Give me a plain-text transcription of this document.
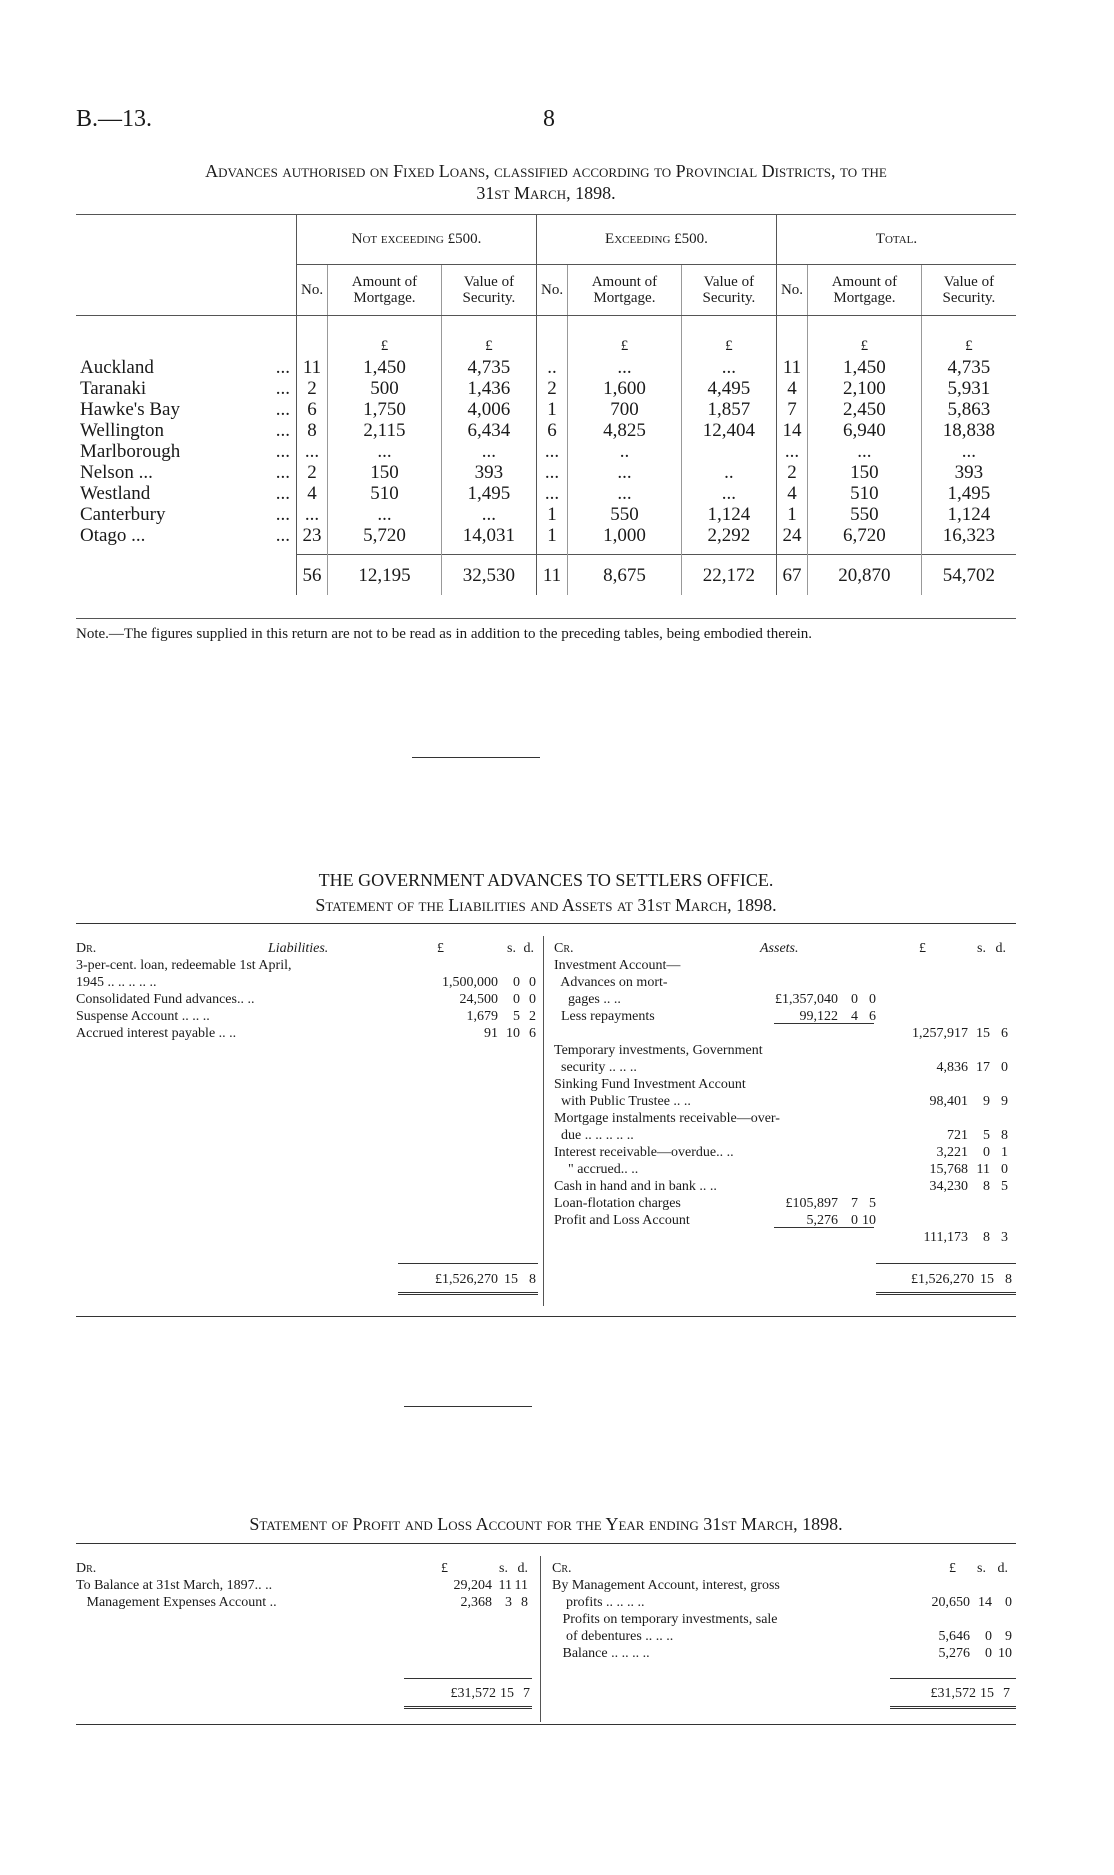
B.—13.	8
Advances authorised on Fixed Loans, classified according to Provincial Districts, to the
31st March, 1898.
		Not exceeding £500.			Exceeding £500.			Total.		
		No.	Amount of Mortgage.	Value of Security.	No.	Amount of Mortgage.	Value of Security.	No.	Amount of Mortgage.	Value of Security.
			£	£		£	£		£	£
Auckland	...	11	1,450	4,735	..	...	...	11	1,450	4,735
Taranaki	...	2	500	1,436	2	1,600	4,495	4	2,100	5,931
Hawke's Bay	...	6	1,750	4,006	1	700	1,857	7	2,450	5,863
Wellington	...	8	2,115	6,434	6	4,825	12,404	14	6,940	18,838
Marlborough	...	...	...	...	...	..		...	...	...
Nelson ...	...	2	150	393	...	...	..	2	150	393
Westland	...	4	510	1,495	...	...	...	4	510	1,495
Canterbury	...	...	...	...	1	550	1,124	1	550	1,124
Otago ...	...	23	5,720	14,031	1	1,000	2,292	24	6,720	16,323
		56	12,195	32,530	11	8,675	22,172	67	20,870	54,702
Note.—The figures supplied in this return are not to be read as in addition to the preceding tables, being embodied therein.
THE GOVERNMENT ADVANCES TO SETTLERS OFFICE.
Statement of the Liabilities and Assets at 31st March, 1898.
Dr.	Liabilities.	£	s. d.
3-per-cent. loan, redeemable 1st April,
1945 .. .. .. .. ..	1,500,000 0 0
Consolidated Fund advances.. ..	24,500 0 0
Suspense Account .. .. ..	1,679 5 2
Accrued interest payable .. ..	91 10 6
Cr.	Assets.	£	s. d.
Investment Account—
Advances on mort-
gages .. ..	£1,357,040 0 0
Less repayments	99,122 4 6
1,257,917 15 6
Temporary investments, Government
security .. .. ..	4,836 17 0
Sinking Fund Investment Account
with Public Trustee .. ..	98,401 9 9
Mortgage instalments receivable—over-
due .. .. .. .. ..	721 5 8
Interest receivable—overdue.. ..	3,221 0 1
" accrued.. ..	15,768 11 0
Cash in hand and in bank .. ..	34,230 8 5
Loan-flotation charges	£105,897 7 5
Profit and Loss Account	5,276 0 10
111,173 8 3
£1,526,270 15 8	£1,526,270 15 8
Statement of Profit and Loss Account for the Year ending 31st March, 1898.
Dr.	£	s. d.
To Balance at 31st March, 1897.. ..	29,204 11 11
Management Expenses Account ..	2,368 3 8
Cr.	£ s. d.
By Management Account, interest, gross
profits .. .. .. ..	20,650 14 0
Profits on temporary investments, sale
of debentures .. .. ..	5,646 0 9
Balance .. .. .. ..	5,276 0 10
£31,572 15 7	£31,572 15 7
